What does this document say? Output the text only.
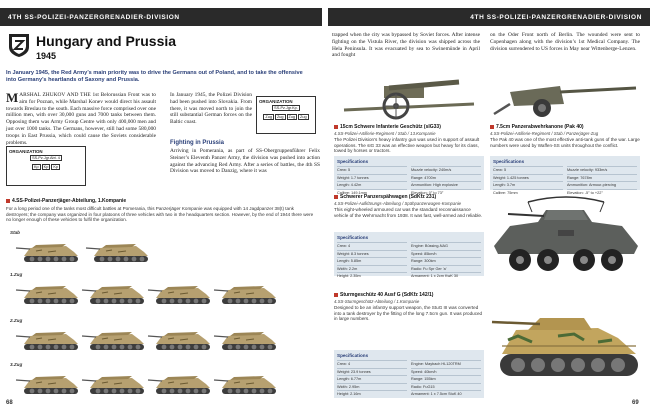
4TH SS-POLIZEI-PANZERGRENADIER-DIVISION	4TH SS-POLIZEI-PANZERGRENADIER-DIVISION
Hungary and Prussia
1945
In January 1945, the Red Army’s main priority was to drive the Germans out of Poland, and to take the offensive into Germany’s heartlands of Saxony and Prussia.
MARSHAL ZHUKOV AND THE 1st Belorussian Front was to aim for Poznan, while Marshal Konev would direct his assault towards Breslau to the south. Each massive force comprised over one million men, with over 30,000 guns and 7000 tanks between them. Opposing them was Army Group Centre with only 400,000 men and just over 1000 tanks. The Germans, however, still had some 580,000 troops in East Prussia, which could cause the Soviets considerable problems.
In January 1945, the Polizei Division had been pushed into Slovakia. From there, it was moved north to join the still substantial German forces on the Baltic coast.
Fighting in Prussia
Arriving in Pomerania, as part of SS-Obergruppenführer Felix Steiner’s Eleventh Panzer Army, the division was pushed into action against the advancing Red Army. After a series of battles, the 4th SS Division was moved to Danzig, where it was
ORGANIZATION
SS-Pz.Jgr.Kp.
Zug Zug Zug Zug
ORGANIZATION
SS-Pz.Jgr.Abt. 4
Kp Kp Kp
4.SS-Polizei-Panzerjäger-Abteilung, 1.Kompanie
For a long period one of the tanks most difficult battles at Pomerania, this Panzerjäger Kompanie was equipped with 14 Jagdpanzer 38(t) tank destroyers; the company was organized in four platoons of three vehicles with two in the headquarters section. However, by the end of 1944 there were no longer enough of these vehicles to fulfil the organization.
Stab
1.Zug
2.Zug
3.Zug
68
trapped when the city was bypassed by Soviet forces. After intense fighting on the Vistula River, the division was shipped across the Hela Peninsula. It was evacuated by sea to Swinemünde in April and fought
on the Oder Front north of Berlin. The wounded were sent to Copenhagen along with the division’s 1st Medical Company. The division surrendered to US forces in May near Wittenberge-Lenzen.
15cm Schwere Infanterie Geschütz (sIG33)
4.SS-Polizei-Artillerie-Regiment / Stab / 13.Kompanie
The Polizei Division’s heavy infantry gun was used in support of assault operations. The sIG 33 was an effective weapon but heavy for its class, towed by horses or tractors.
Specifications
Crew: 5	Muzzle velocity: 240m/s
Weight: 1.7 tonnes	Range: 4700m
Length: 4.42m	Ammunition: High explosive
Calibre: 149.1mm	Elevation: 0° to 73°
7.5cm Panzerabwehrkanone (Pak 40)
4.SS-Polizei-Artillerie-Regiment / Stab / Panzerjäger-Zug
The Pak 40 was one of the most effective anti-tank guns of the war. Large numbers were used by Waffen-SS units throughout the conflict.
Specifications
Crew: 5	Muzzle velocity: 933m/s
Weight: 1.425 tonnes	Range: 7678m
Length: 3.7m	Ammunition: Armour-piercing
Calibre: 75mm	Elevation: -5° to +22°
Schwerer Panzerspähwagen (SdKfz 231)
4.SS-Polizei-Aufklärungs-Abteilung / Spähpanzerwagen-Kompanie
This eight-wheeled armoured car was the standard reconnaissance vehicle of the Wehrmacht from 1938. It was fast, well-armed and reliable.
Specifications
Crew: 4	Engine: Büssing-NAG
Weight: 8.3 tonnes	Speed: 85km/h
Length: 5.85m	Range: 300km
Width: 2.2m	Radio: Fu Spr Ger 'a'
Height: 2.35m	Armament: 1 x 2cm KwK 30
Sturmgeschütz 40 Ausf G (SdKfz 142/1)
4.SS-Sturmgeschütz-Abteilung / 1.Kompanie
Designed to be an infantry support weapon, the StuG III was converted into a tank destroyer by the fitting of the long 7.5cm gun. It was produced in large numbers.
Specifications
Crew: 4	Engine: Maybach HL120TRM
Weight: 23.9 tonnes	Speed: 40km/h
Length: 6.77m	Range: 155km
Width: 2.95m	Radio: FuG15
Height: 2.16m	Armament: 1 x 7.5cm StuK 40
69
